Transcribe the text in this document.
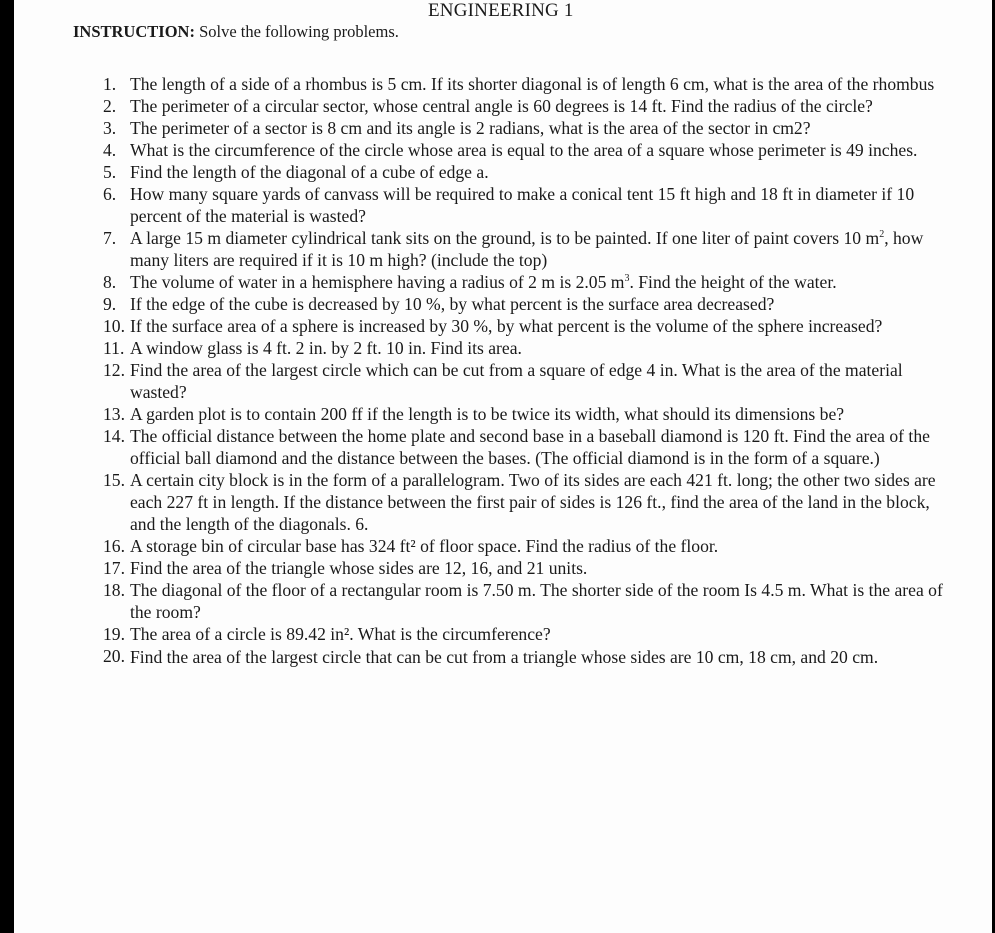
ENGINEERING 1
INSTRUCTION: Solve the following problems.
1. The length of a side of a rhombus is 5 cm. If its shorter diagonal is of length 6 cm, what is the area of the rhombus
2. The perimeter of a circular sector, whose central angle is 60 degrees is 14 ft. Find the radius of the circle?
3. The perimeter of a sector is 8 cm and its angle is 2 radians, what is the area of the sector in cm2?
4. What is the circumference of the circle whose area is equal to the area of a square whose perimeter is 49 inches.
5. Find the length of the diagonal of a cube of edge a.
6. How many square yards of canvass will be required to make a conical tent 15 ft high and 18 ft in diameter if 10 percent of the material is wasted?
7. A large 15 m diameter cylindrical tank sits on the ground, is to be painted. If one liter of paint covers 10 $m^2$, how many liters are required if it is 10 m high? (include the top)
8. The volume of water in a hemisphere having a radius of 2 m is 2.05 $m^3$. Find the height of the water.
9. If the edge of the cube is decreased by 10 %, by what percent is the surface area decreased?
10. If the surface area of a sphere is increased by 30 %, by what percent is the volume of the sphere increased?
11. A window glass is 4 ft. 2 in. by 2 ft. 10 in. Find its area.
12. Find the area of the largest circle which can be cut from a square of edge 4 in. What is the area of the material wasted?
13. A garden plot is to contain 200 ff if the length is to be twice its width, what should its dimensions be?
14. The official distance between the home plate and second base in a baseball diamond is 120 ft. Find the area of the official ball diamond and the distance between the bases. (The official diamond is in the form of a square.)
15. A certain city block is in the form of a parallelogram. Two of its sides are each 421 ft. long; the other two sides are each 227 ft in length. If the distance between the first pair of sides is 126 ft., find the area of the land in the block, and the length of the diagonals. 6.
16. A storage bin of circular base has 324 ft² of floor space. Find the radius of the floor.
17. Find the area of the triangle whose sides are 12, 16, and 21 units.
18. The diagonal of the floor of a rectangular room is 7.50 m. The shorter side of the room Is 4.5 m. What is the area of the room?
19. The area of a circle is 89.42 in². What is the circumference?
20. Find the area of the largest circle that can be cut from a triangle whose sides are 10 cm, 18 cm, and 20 cm.
